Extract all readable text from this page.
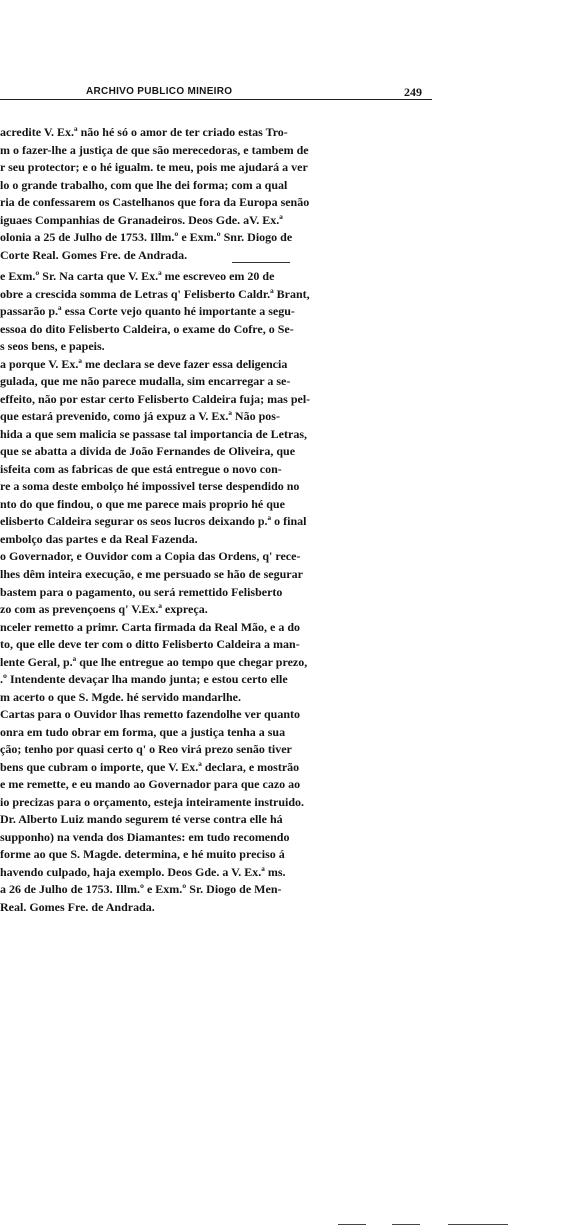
ARCHIVO PUBLICO MINEIRO	249
acredite V. Ex.ª não hé só o amor de ter criado estas Tro-
m o fazer-lhe a justiça de que são merecedoras, e tambem de
r seu protector; e o hé igualm. te meu, pois me ajudará a ver
lo o grande trabalho, com que lhe dei forma; com a qual
ria de confessarem os Castelhanos que fora da Europa senão
iguaes Companhias de Granadeiros. Deos Gde. aV. Ex.ª
olonia a 25 de Julho de 1753. Illm.º e Exm.º Snr. Diogo de
Corte Real. Gomes Fre. de Andrada.
e Exm.º Sr. Na carta que V. Ex.ª me escreveo em 20 de
obre a crescida somma de Letras q' Felisberto Caldr.ª Brant,
passarão p.ª essa Corte vejo quanto hé importante a segu-
essoa do dito Felisberto Caldeira, o exame do Cofre, o Se-
s seos bens, e papeis.
a porque V. Ex.ª me declara se deve fazer essa deligencia
gulada, que me não parece mudalla, sim encarregar a se-
effeito, não por estar certo Felisberto Caldeira fuja; mas pel-
que estará prevenido, como já expuz a V. Ex.ª Não pos-
hida a que sem malicia se passase tal importancia de Letras,
que se abatta a divida de João Fernandes de Oliveira, que
isfeita com as fabricas de que está entregue o novo con-
re a soma deste embolço hé impossivel terse despendido no
nto do que findou, o que me parece mais proprio hé que
elisberto Caldeira segurar os seos lucros deixando p.ª o final
embolço das partes e da Real Fazenda.
o Governador, e Ouvidor com a Copia das Ordens, q' rece-
lhes dêm inteira execução, e me persuado se hão de segurar
bastem para o pagamento, ou será remettido Felisberto
zo com as prevençoens q' V.Ex.ª expreça.
nceler remetto a primr. Carta firmada da Real Mão, e a do
to, que elle deve ter com o ditto Felisberto Caldeira a man-
lente Geral, p.ª que lhe entregue ao tempo que chegar prezo,
.º Intendente devaçar lha mando junta; e estou certo elle
m acerto o que S. Mgde. hé servido mandarlhe.
Cartas para o Ouvidor lhas remetto fazendolhe ver quanto
onra em tudo obrar em forma, que a justiça tenha a sua
ção; tenho por quasi certo q' o Reo virá prezo senão tiver
bens que cubram o importe, que V. Ex.ª declara, e mostrão
e me remette, e eu mando ao Governador para que cazo ao
io precizas para o orçamento, esteja inteiramente instruido.
Dr. Alberto Luiz mando segurem té verse contra elle há
supponho) na venda dos Diamantes: em tudo recomendo
forme ao que S. Magde. determina, e hé muito preciso á
havendo culpado, haja exemplo. Deos Gde. a V. Ex.ª ms.
a 26 de Julho de 1753. Illm.º e Exm.º Sr. Diogo de Men-
Real. Gomes Fre. de Andrada.
